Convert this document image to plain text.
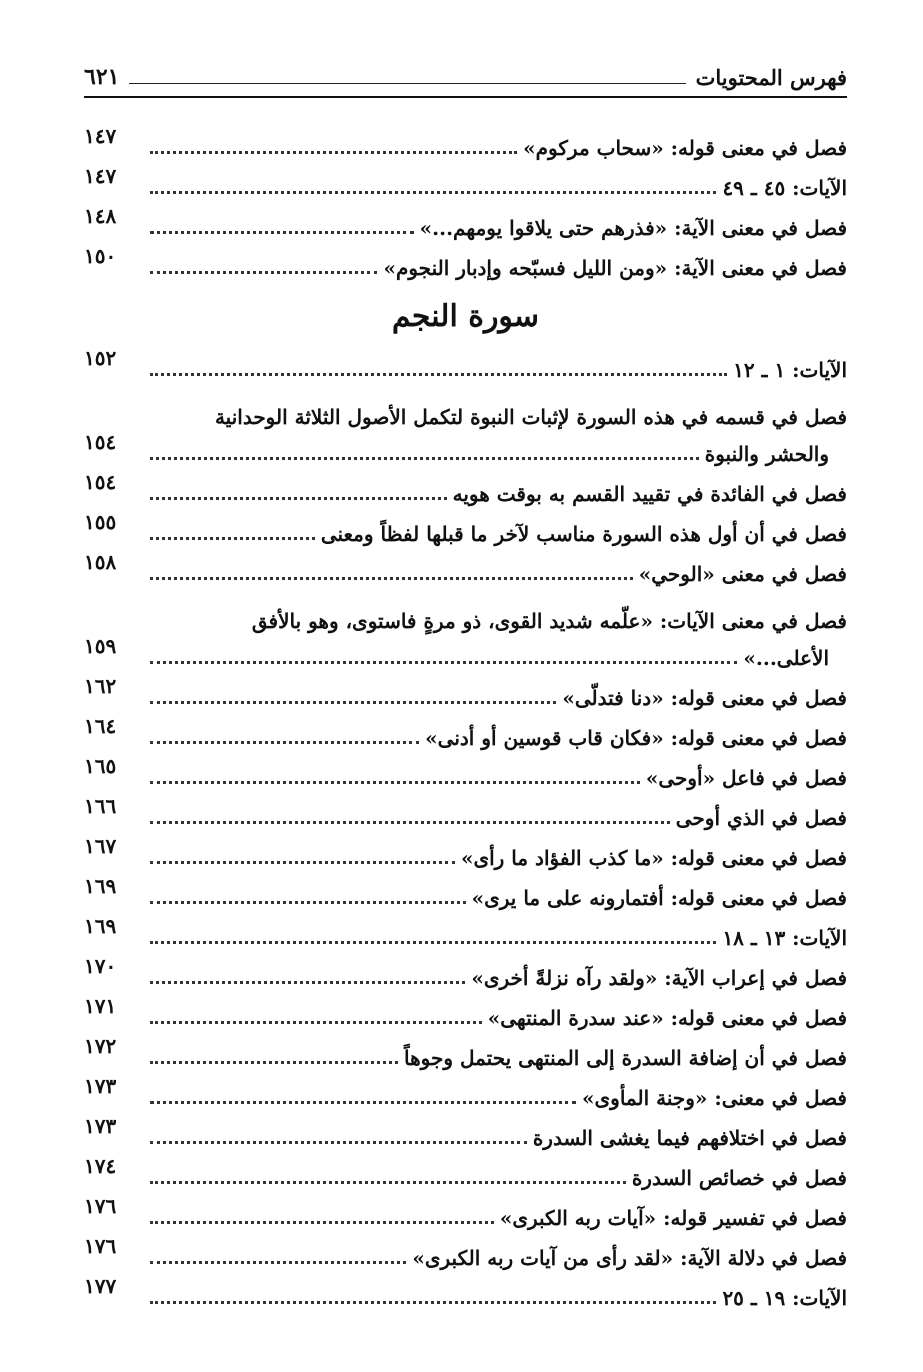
فهرس المحتويات
٦٢١
فصل في معنى قوله: «سحاب مركوم»
١٤٧
الآيات: ٤٥ ـ ٤٩
١٤٧
فصل في معنى الآية: «فذرهم حتى يلاقوا يومهم...»
١٤٨
فصل في معنى الآية: «ومن الليل فسبّحه وإدبار النجوم»
١٥٠
سورة النجم
الآيات: ١ ـ ١٢
١٥٢
فصل في قسمه في هذه السورة لإثبات النبوة لتكمل الأصول الثلاثة الوحدانية
والحشر والنبوة
١٥٤
فصل في الفائدة في تقييد القسم به بوقت هويه
١٥٤
فصل في أن أول هذه السورة مناسب لآخر ما قبلها لفظاً ومعنى
١٥٥
فصل في معنى «الوحي»
١٥٨
فصل في معنى الآيات: «علّمه شديد القوى، ذو مرةٍ فاستوى، وهو بالأفق
الأعلى...»
١٥٩
فصل في معنى قوله: «دنا فتدلّى»
١٦٢
فصل في معنى قوله: «فكان قاب قوسين أو أدنى»
١٦٤
فصل في فاعل «أوحى»
١٦٥
فصل في الذي أوحى
١٦٦
فصل في معنى قوله: «ما كذب الفؤاد ما رأى»
١٦٧
فصل في معنى قوله: أفتمارونه على ما يرى»
١٦٩
الآيات: ١٣ ـ ١٨
١٦٩
فصل في إعراب الآية: «ولقد رآه نزلةً أخرى»
١٧٠
فصل في معنى قوله: «عند سدرة المنتهى»
١٧١
فصل في أن إضافة السدرة إلى المنتهى يحتمل وجوهاً
١٧٢
فصل في معنى: «وجنة المأوى»
١٧٣
فصل في اختلافهم فيما يغشى السدرة
١٧٣
فصل في خصائص السدرة
١٧٤
فصل في تفسير قوله: «آيات ربه الكبرى»
١٧٦
فصل في دلالة الآية: «لقد رأى من آيات ربه الكبرى»
١٧٦
الآيات: ١٩ ـ ٢٥
١٧٧
